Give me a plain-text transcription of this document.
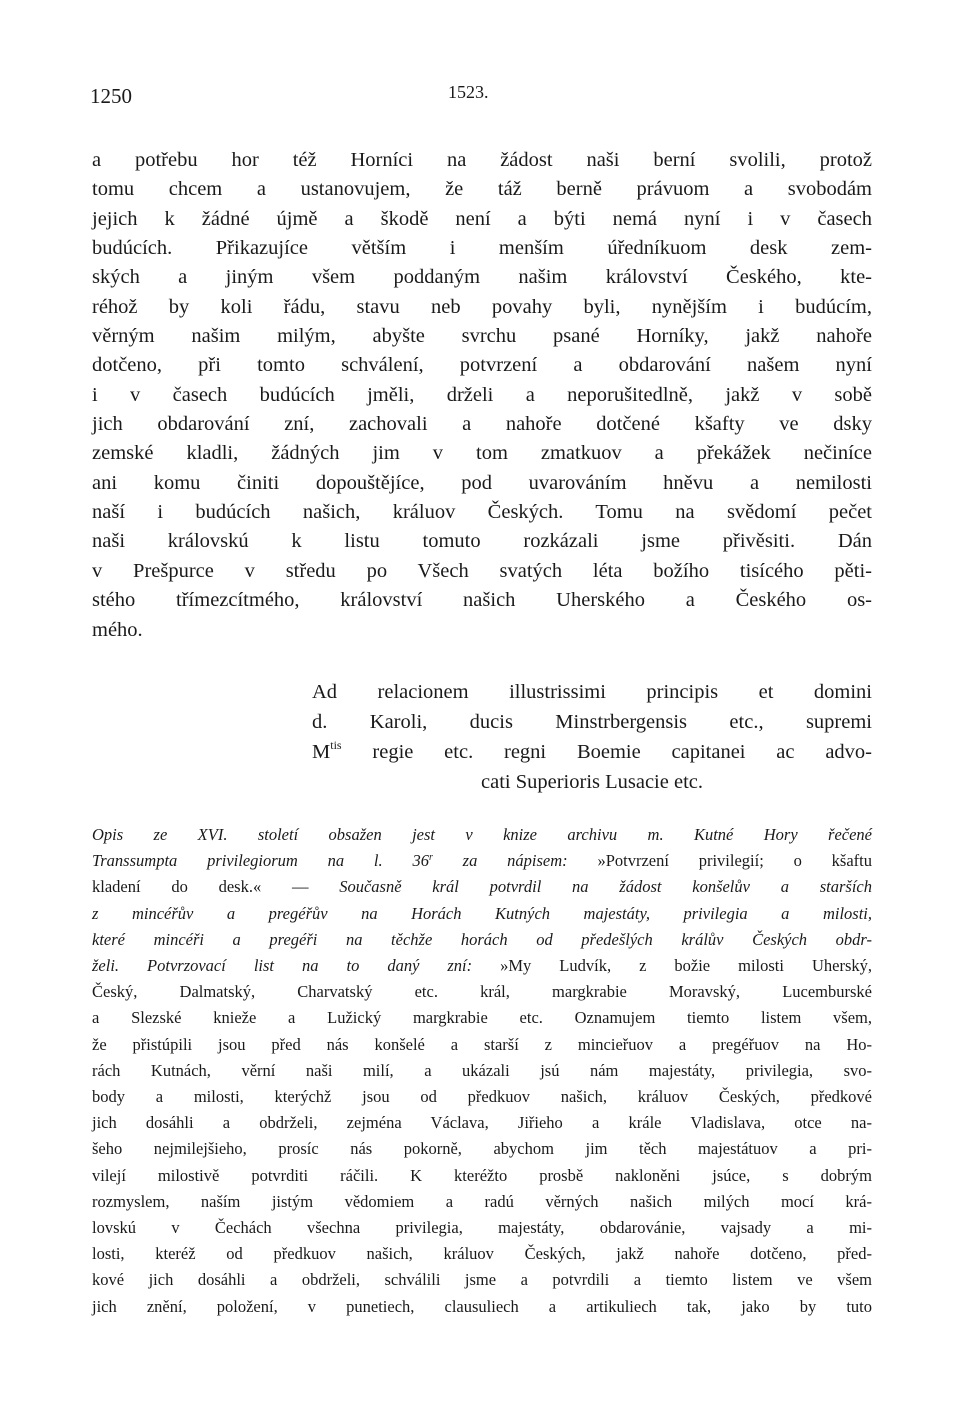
1250	1523.
a potřebu hor též Horníci na žádost naši berní svolili, protož
tomu chcem a ustanovujem, že táž berně právuom a svobodám
jejich k žádné újmě a škodě není a býti nemá nyní i v časech
budúcích. Přikazujíce větším i menším úředníkuom desk zem-
ských a jiným všem poddaným našim království Českého, kte-
réhož by koli řádu, stavu neb povahy byli, nynějším i budúcím,
věrným našim milým, abyšte svrchu psané Horníky, jakž nahoře
dotčeno, při tomto schválení, potvrzení a obdarování našem nyní
i v časech budúcích jměli, drželi a neporušitedlně, jakž v sobě
jich obdarování zní, zachovali a nahoře dotčené kšafty ve dsky
zemské kladli, žádných jim v tom zmatkuov a překážek nečiníce
ani komu činiti dopouštějíce, pod uvarováním hněvu a nemilosti
naší i budúcích našich, králuov Českých. Tomu na svědomí pečet
naši královskú k listu tomuto rozkázali jsme přivěsiti. Dán
v Prešpurce v středu po Všech svatých léta božího tisícého pěti-
stého třímezcítmého, království našich Uherského a Českého os-
mého.
Ad relacionem illustrissimi principis et domini
d. Karoli, ducis Minstrbergensis etc., supremi
$M^{tis}$ regie etc. regni Boemie capitanei ac advo-
cati Superioris Lusacie etc.
Opis ze XVI. století obsažen jest v knize archivu m. Kutné Hory řečené
Transsumpta privilegiorum na l. 36$^r$ za nápisem: »Potvrzení privilegií; o kšaftu
kladení do desk.« — Současně král potvrdil na žádost konšelův a starších
z mincéřův a pregéřův na Horách Kutných majestáty, privilegia a milosti,
které mincéři a pregéři na těchže horách od předešlých králův Českých obdr-
želi. Potvrzovací list na to daný zní: »My Ludvík, z božie milosti Uherský,
Český, Dalmatský, Charvatský etc. král, margkrabie Moravský, Lucemburské
a Slezské knieže a Lužický margkrabie etc. Oznamujem tiemto listem všem,
že přistúpili jsou před nás konšelé a starší z mincieřuov a pregéřuov na Ho-
rách Kutnách, věrní naši milí, a ukázali jsú nám majestáty, privilegia, svo-
body a milosti, kterýchž jsou od předkuov našich, králuov Českých, předkové
jich dosáhli a obdrželi, zejména Václava, Jiřieho a krále Vladislava, otce na-
šeho nejmilejšieho, prosíc nás pokorně, abychom jim těch majestátuov a pri-
vilejí milostivě potvrditi ráčili. K kteréžto prosbě nakloněni jsúce, s dobrým
rozmyslem, naším jistým vědomiem a radú věrných našich milých mocí krá-
lovskú v Čechách všechna privilegia, majestáty, obdarovánie, vajsady a mi-
losti, kteréž od předkuov našich, králuov Českých, jakž nahoře dotčeno, před-
kové jich dosáhli a obdrželi, schválili jsme a potvrdili a tiemto listem ve všem
jich znění, položení, v punetiech, clausuliech a artikuliech tak, jako by tuto
